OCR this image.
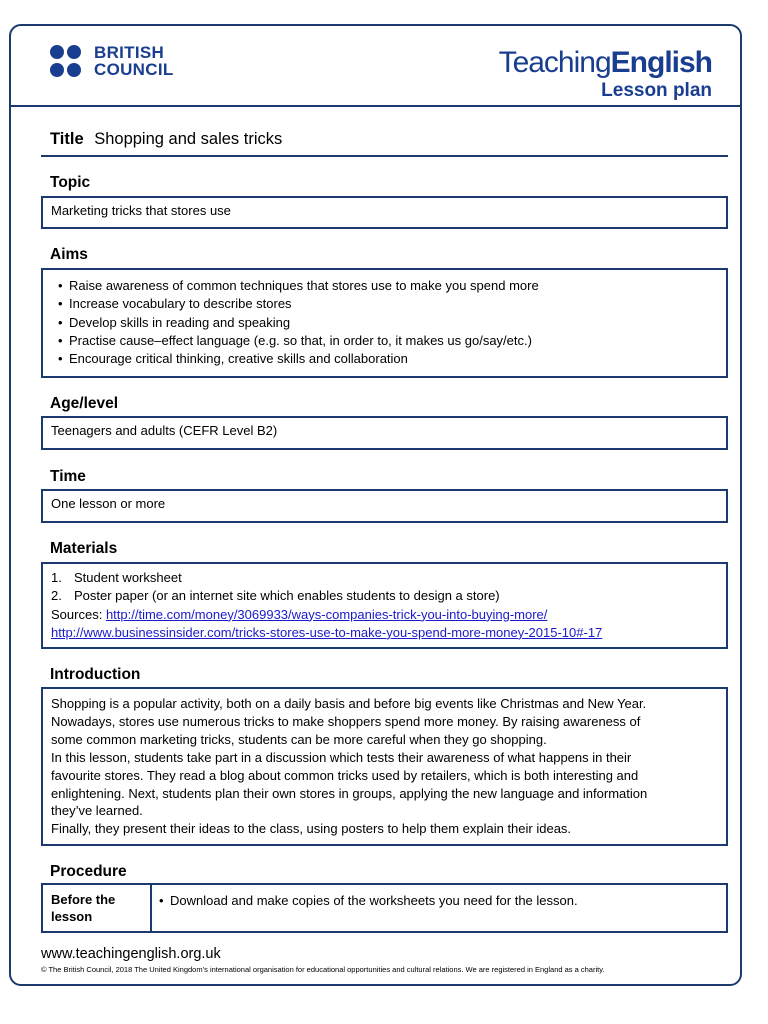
BRITISH
COUNCIL	TeachingEnglish
Lesson plan
Title Shopping and sales tricks
Topic
Marketing tricks that stores use
Aims
• Raise awareness of common techniques that stores use to make you spend more
• Increase vocabulary to describe stores
• Develop skills in reading and speaking
• Practise cause–effect language (e.g. so that, in order to, it makes us go/say/etc.)
• Encourage critical thinking, creative skills and collaboration
Age/level
Teenagers and adults (CEFR Level B2)
Time
One lesson or more
Materials
1. Student worksheet
2. Poster paper (or an internet site which enables students to design a store)
Sources: http://time.com/money/3069933/ways-companies-trick-you-into-buying-more/
http://www.businessinsider.com/tricks-stores-use-to-make-you-spend-more-money-2015-10#-17
Introduction
Shopping is a popular activity, both on a daily basis and before big events like Christmas and New Year.
Nowadays, stores use numerous tricks to make shoppers spend more money. By raising awareness of
some common marketing tricks, students can be more careful when they go shopping.
In this lesson, students take part in a discussion which tests their awareness of what happens in their
favourite stores. They read a blog about common tricks used by retailers, which is both interesting and
enlightening. Next, students plan their own stores in groups, applying the new language and information
they’ve learned.
Finally, they present their ideas to the class, using posters to help them explain their ideas.
Procedure
Before the
lesson
• Download and make copies of the worksheets you need for the lesson.
www.teachingenglish.org.uk
© The British Council, 2018 The United Kingdom’s international organisation for educational opportunities and cultural relations. We are registered in England as a charity.
